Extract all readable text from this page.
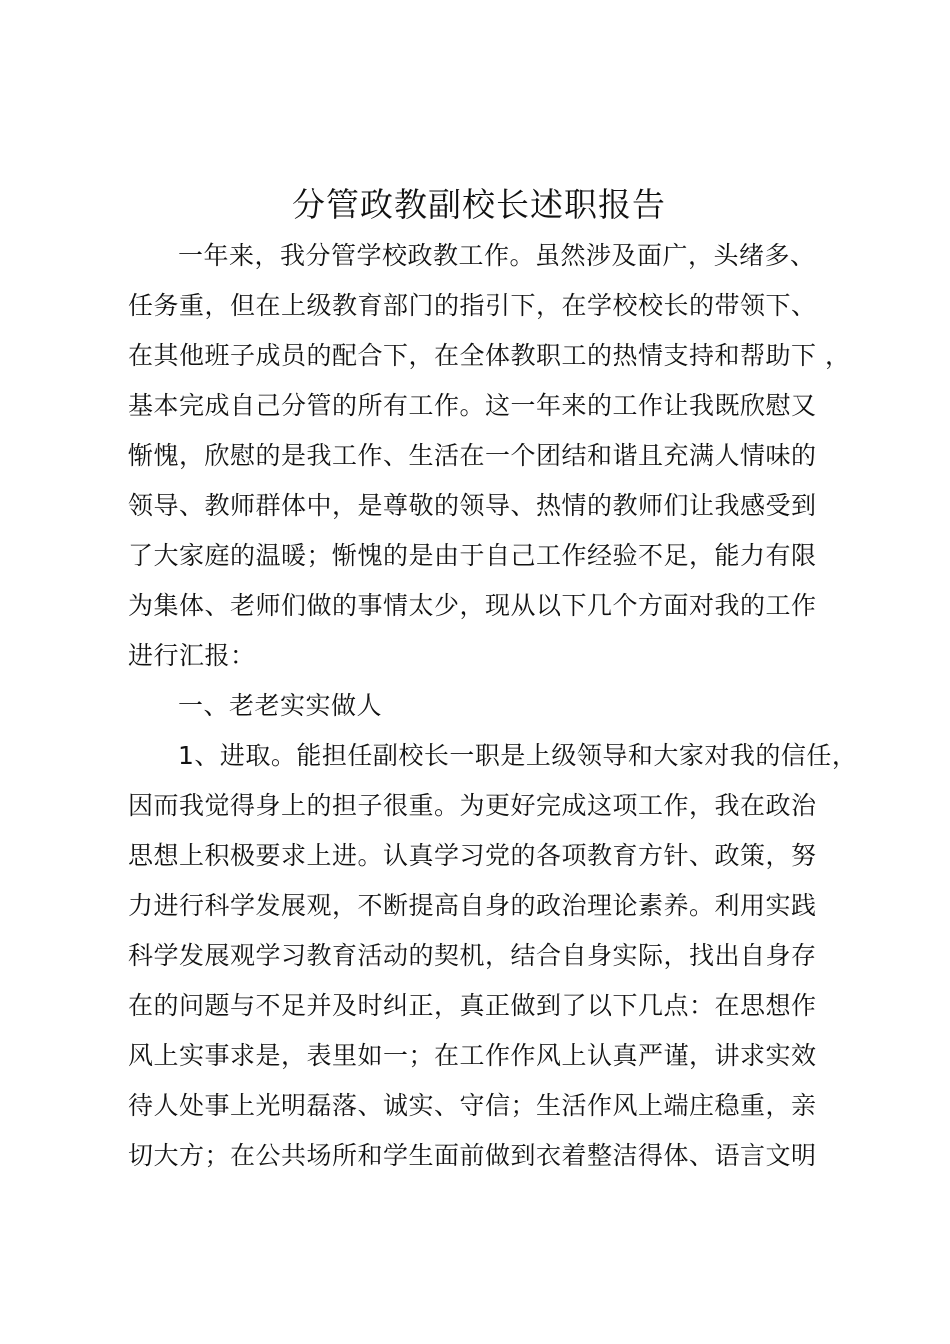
分管政教副校长述职报告

一年来，我分管学校政教工作。虽然涉及面广，头绪多、

任务重，但在上级教育部门的指引下，在学校校长的带领下、

在其他班子成员的配合下，在全体教职工的热情支持和帮助下 ，

基本完成自己分管的所有工作。这一年来的工作让我既欣慰又

惭愧，欣慰的是我工作、生活在一个团结和谐且充满人情味的

领导、教师群体中，是尊敬的领导、热情的教师们让我感受到

了大家庭的温暖；惭愧的是由于自己工作经验不足，能力有限

为集体、老师们做的事情太少，现从以下几个方面对我的工作

进行汇报：

一、老老实实做人

1、进取。能担任副校长一职是上级领导和大家对我的信任，

因而我觉得身上的担子很重。为更好完成这项工作，我在政治

思想上积极要求上进。认真学习党的各项教育方针、政策，努

力进行科学发展观，不断提高自身的政治理论素养。利用实践

科学发展观学习教育活动的契机，结合自身实际，找出自身存

在的问题与不足并及时纠正，真正做到了以下几点：在思想作

风上实事求是，表里如一；在工作作风上认真严谨，讲求实效

待人处事上光明磊落、诚实、守信；生活作风上端庄稳重，亲

切大方；在公共场所和学生面前做到衣着整洁得体、语言文明
